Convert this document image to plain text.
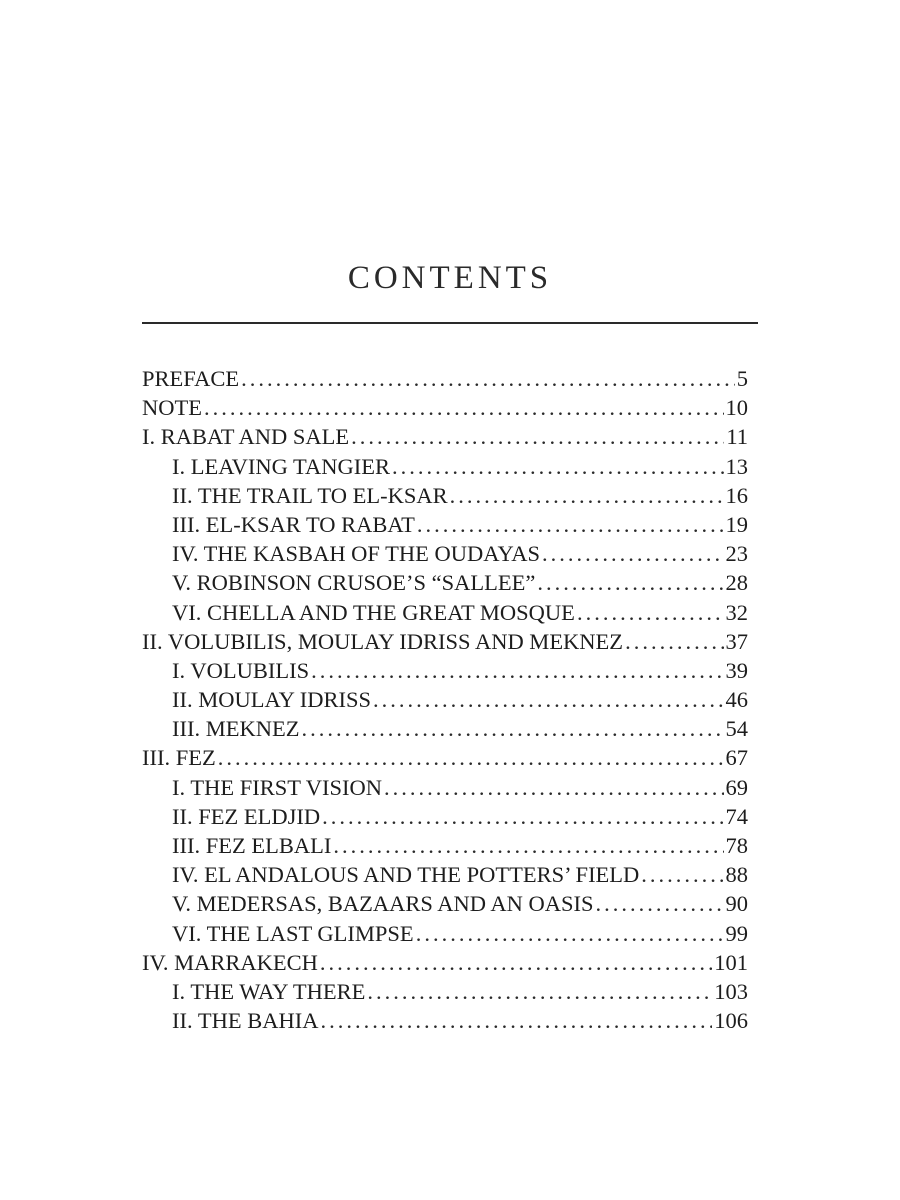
CONTENTS
PREFACE .....	5
NOTE .....	10
I. RABAT AND SALE .....	11
I. LEAVING TANGIER .....	13
II. THE TRAIL TO EL-KSAR .....	16
III. EL-KSAR TO RABAT .....	19
IV. THE KASBAH OF THE OUDAYAS .....	23
V. ROBINSON CRUSOE’S “SALLEE” .....	28
VI. CHELLA AND THE GREAT MOSQUE .....	32
II. VOLUBILIS, MOULAY IDRISS AND MEKNEZ .....	37
I. VOLUBILIS .....	39
II. MOULAY IDRISS .....	46
III. MEKNEZ .....	54
III. FEZ .....	67
I. THE FIRST VISION .....	69
II. FEZ ELDJID .....	74
III. FEZ ELBALI .....	78
IV. EL ANDALOUS AND THE POTTERS’ FIELD .....	88
V. MEDERSAS, BAZAARS AND AN OASIS .....	90
VI. THE LAST GLIMPSE .....	99
IV. MARRAKECH .....	101
I. THE WAY THERE .....	103
II. THE BAHIA .....	106
